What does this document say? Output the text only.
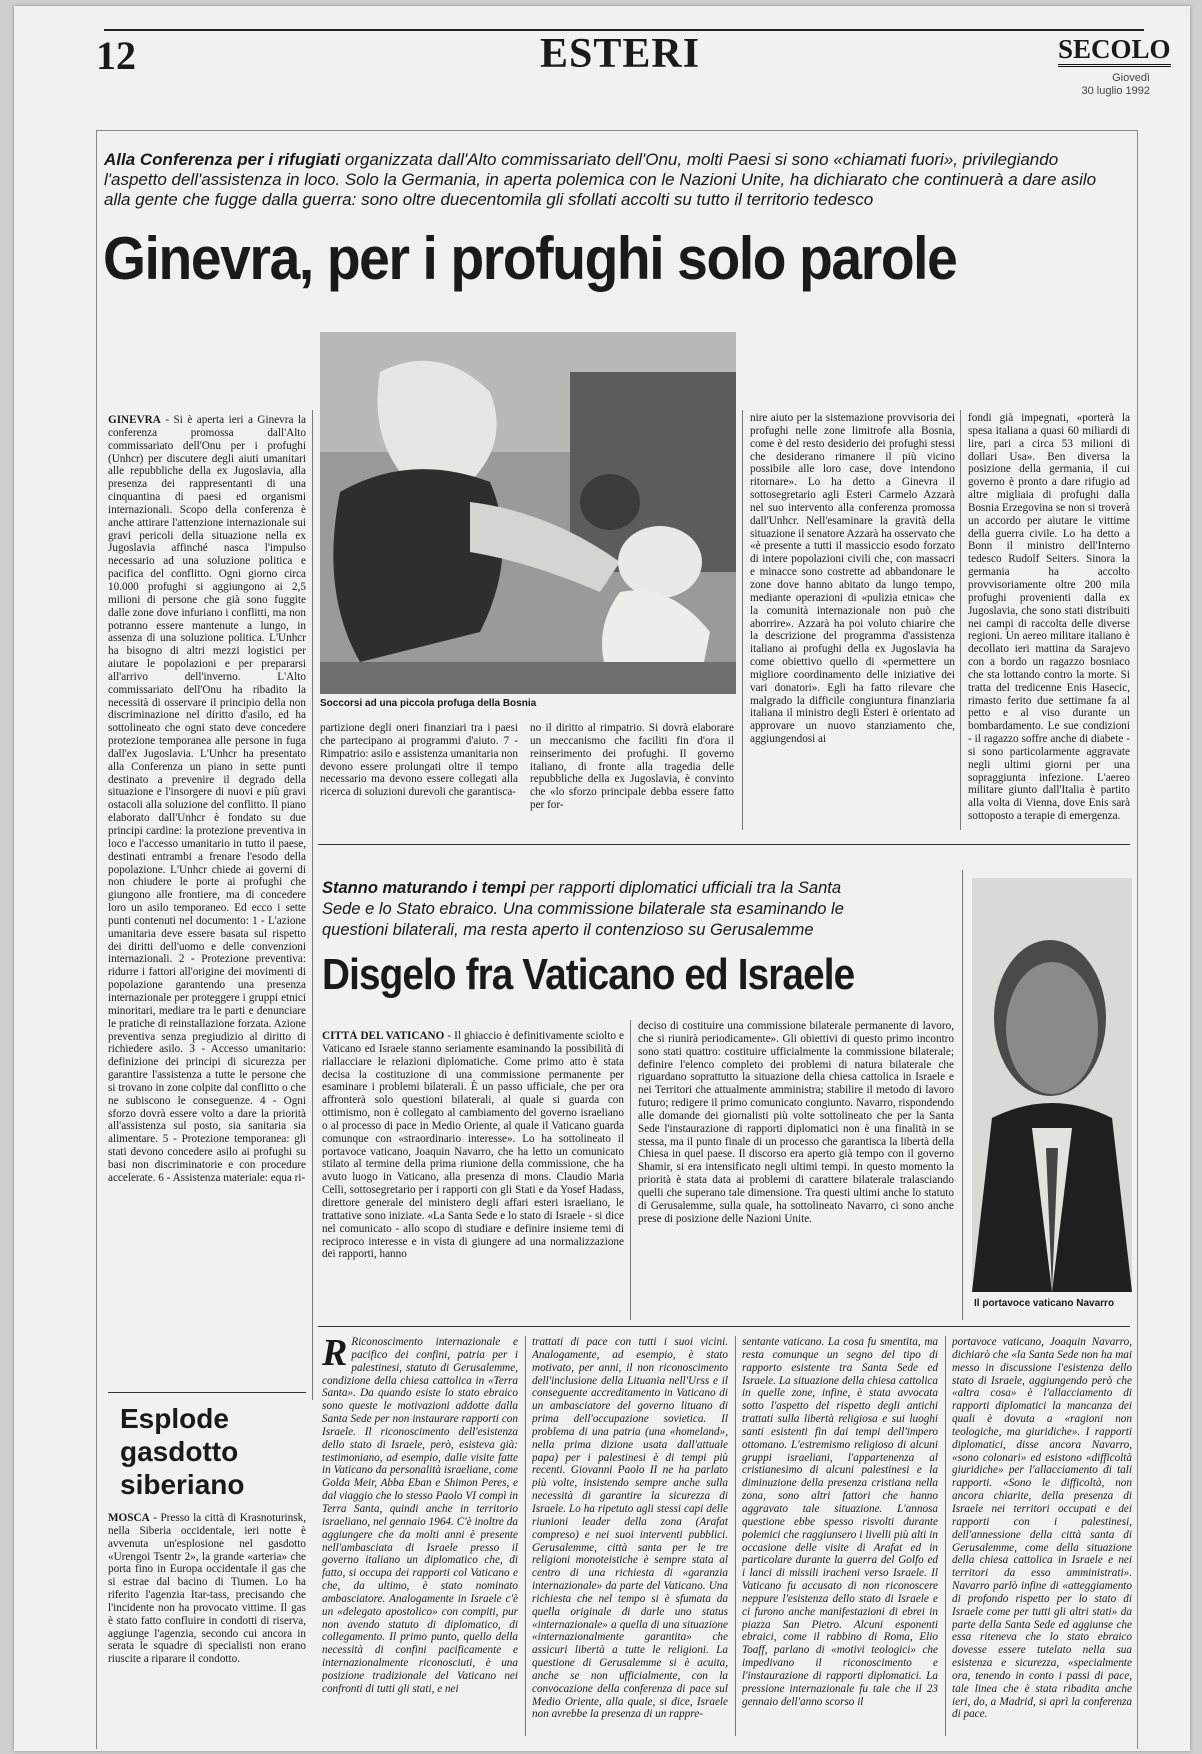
12	ESTERI	SECOLO
Giovedì
30 luglio 1992

Alla Conferenza per i rifugiati organizzata dall'Alto commissariato dell'Onu, molti Paesi si sono «chiamati fuori», privilegiando l'aspetto dell'assistenza in loco. Solo la Germania, in aperta polemica con le Nazioni Unite, ha dichiarato che continuerà a dare asilo alla gente che fugge dalla guerra: sono oltre duecentomila gli sfollati accolti su tutto il territorio tedesco

Ginevra, per i profughi solo parole

Soccorsi ad una piccola profuga della Bosnia

GINEVRA - Si è aperta ieri a Ginevra la conferenza promossa dall'Alto commissariato dell'Onu per i profughi (Unhcr) per discutere degli aiuti umanitari alle repubbliche della ex Jugoslavia, alla presenza dei rappresentanti di una cinquantina di paesi ed organismi internazionali. Scopo della conferenza è anche attirare l'attenzione internazionale sui gravi pericoli della situazione nella ex Jugoslavia affinché nasca l'impulso necessario ad una soluzione politica e pacifica del conflitto. Ogni giorno circa 10.000 profughi si aggiungono ai 2,5 milioni di persone che già sono fuggite dalle zone dove infuriano i conflitti, ma non potranno essere mantenute a lungo, in assenza di una soluzione politica. L'Unhcr ha bisogno di altri mezzi logistici per aiutare le popolazioni e per prepararsi all'arrivo dell'inverno. L'Alto commissariato dell'Onu ha ribadito la necessità di osservare il principio della non discriminazione nel diritto d'asilo, ed ha sottolineato che ogni stato deve concedere protezione temporanea alle persone in fuga dall'ex Jugoslavia. L'Unhcr ha presentato alla Conferenza un piano in sette punti destinato a prevenire il degrado della situazione e l'insorgere di nuovi e più gravi ostacoli alla soluzione del conflitto. Il piano elaborato dall'Unhcr è fondato su due principi cardine: la protezione preventiva in loco e l'accesso umanitario in tutto il paese, destinati entrambi a frenare l'esodo della popolazione. L'Unhcr chiede ai governi di non chiudere le porte ai profughi che giungono alle frontiere, ma di concedere loro un asilo temporaneo. Ed ecco i sette punti contenuti nel documento: 1 - L'azione umanitaria deve essere basata sul rispetto dei diritti dell'uomo e delle convenzioni internazionali. 2 - Protezione preventiva: ridurre i fattori all'origine dei movimenti di popolazione garantendo una presenza internazionale per proteggere i gruppi etnici minoritari, mediare tra le parti e denunciare le pratiche di reinstallazione forzata. Azione preventiva senza pregiudizio al diritto di richiedere asilo. 3 - Accesso umanitario: definizione dei principi di sicurezza per garantire l'assistenza a tutte le persone che si trovano in zone colpite dal conflitto o che ne subiscono le conseguenze. 4 - Ogni sforzo dovrà essere volto a dare la priorità all'assistenza sul posto, sia sanitaria sia alimentare. 5 - Protezione temporanea: gli stati devono concedere asilo ai profughi su basi non discriminatorie e con procedure accelerate. 6 - Assistenza materiale: equa ri-
partizione degli oneri finanziari tra i paesi che partecipano ai programmi d'aiuto. 7 - Rimpatrio: asilo e assistenza umanitaria non devono essere prolungati oltre il tempo necessario ma devono essere collegati alla ricerca di soluzioni durevoli che garantisca-
no il diritto al rimpatrio. Si dovrà elaborare un meccanismo che faciliti fin d'ora il reinserimento dei profughi. Il governo italiano, di fronte alla tragedia delle repubbliche della ex Jugoslavia, è convinto che «lo sforzo principale debba essere fatto per for-
nire aiuto per la sistemazione provvisoria dei profughi nelle zone limitrofe alla Bosnia, come è del resto desiderio dei profughi stessi che desiderano rimanere il più vicino possibile alle loro case, dove intendono ritornare». Lo ha detto a Ginevra il sottosegretario agli Esteri Carmelo Azzarà nel suo intervento alla conferenza promossa dall'Unhcr. Nell'esaminare la gravità della situazione il senatore Azzarà ha osservato che «è presente a tutti il massiccio esodo forzato di intere popolazioni civili che, con massacri e minacce sono costrette ad abbandonare le zone dove hanno abitato da lungo tempo, mediante operazioni di «pulizia etnica» che la comunità internazionale non può che aborrire». Azzarà ha poi voluto chiarire che la descrizione del programma d'assistenza italiano ai profughi della ex Jugoslavia ha come obiettivo quello di «permettere un migliore coordinamento delle iniziative dei vari donatori». Egli ha fatto rilevare che malgrado la difficile congiuntura finanziaria italiana il ministro degli Esteri è orientato ad approvare un nuovo stanziamento che, aggiungendosi ai
fondi già impegnati, «porterà la spesa italiana a quasi 60 miliardi di lire, pari a circa 53 milioni di dollari Usa». Ben diversa la posizione della germania, il cui governo è pronto a dare rifugio ad altre migliaia di profughi dalla Bosnia Erzegovina se non si troverà un accordo per aiutare le vittime della guerra civile. Lo ha detto a Bonn il ministro dell'Interno tedesco Rudolf Seiters. Sinora la germania ha accolto provvisoriamente oltre 200 mila profughi provenienti dalla ex Jugoslavia, che sono stati distribuiti nei campi di raccolta delle diverse regioni. Un aereo militare italiano è decollato ieri mattina da Sarajevo con a bordo un ragazzo bosniaco che sta lottando contro la morte. Si tratta del tredicenne Enis Hasecic, rimasto ferito due settimane fa al petto e al viso durante un bombardamento. Le sue condizioni - il ragazzo soffre anche di diabete - si sono particolarmente aggravate negli ultimi giorni per una sopraggiunta infezione. L'aereo militare giunto dall'Italia è partito alla volta di Vienna, dove Enis sarà sottoposto a terapie di emergenza.

Stanno maturando i tempi per rapporti diplomatici ufficiali tra la Santa Sede e lo Stato ebraico. Una commissione bilaterale sta esaminando le questioni bilaterali, ma resta aperto il contenzioso su Gerusalemme

Disgelo fra Vaticano ed Israele

Il portavoce vaticano Navarro

CITTÀ DEL VATICANO - Il ghiaccio è definitivamente sciolto e Vaticano ed Israele stanno seriamente esaminando la possibilità di riallacciare le relazioni diplomatiche. Come primo atto è stata decisa la costituzione di una commissione permanente per esaminare i problemi bilaterali. È un passo ufficiale, che per ora affronterà solo questioni bilaterali, al quale si guarda con ottimismo, non è collegato al cambiamento del governo israeliano o al processo di pace in Medio Oriente, al quale il Vaticano guarda comunque con «straordinario interesse». Lo ha sottolineato il portavoce vaticano, Joaquin Navarro, che ha letto un comunicato stilato al termine della prima riunione della commissione, che ha avuto luogo in Vaticano, alla presenza di mons. Claudio Maria Celli, sottosegretario per i rapporti con gli Stati e da Yosef Hadass, direttore generale del ministero degli affari esteri israeliano, le trattative sono iniziate. «La Santa Sede e lo stato di Israele - si dice nel comunicato - allo scopo di studiare e definire insieme temi di reciproco interesse e in vista di giungere ad una normalizzazione dei rapporti, hanno
deciso di costituire una commissione bilaterale permanente di lavoro, che si riunirà periodicamente». Gli obiettivi di questo primo incontro sono stati quattro: costituire ufficialmente la commissione bilaterale; definire l'elenco completo dei problemi di natura bilaterale che riguardano soprattutto la situazione della chiesa cattolica in Israele e nei Territori che attualmente amministra; stabilire il metodo di lavoro futuro; redigere il primo comunicato congiunto. Navarro, rispondendo alle domande dei giornalisti più volte sottolineato che per la Santa Sede l'instaurazione di rapporti diplomatici non è una finalità in se stessa, ma il punto finale di un processo che garantisca la libertà della Chiesa in quel paese. Il discorso era aperto già tempo con il governo Shamir, si era intensificato negli ultimi tempi. In questo momento la priorità è stata data ai problemi di carattere bilaterale tralasciando quelli che superano tale dimensione. Tra questi ultimi anche lo statuto di Gerusalemme, sulla quale, ha sottolineato Navarro, ci sono anche prese di posizione delle Nazioni Unite.
R Riconoscimento internazionale e pacifico dei confini, patria per i palestinesi, statuto di Gerusalemme, condizione della chiesa cattolica in «Terra Santa». Da quando esiste lo stato ebraico sono queste le motivazioni addotte dalla Santa Sede per non instaurare rapporti con Israele. Il riconoscimento dell'esistenza dello stato di Israele, però, esisteva già: testimoniano, ad esempio, dalle visite fatte in Vaticano da personalità israeliane, come Golda Meir, Abba Eban e Shimon Peres, e dal viaggio che lo stesso Paolo VI compì in Terra Santa, quindi anche in territorio israeliano, nel gennaio 1964. C'è inoltre da aggiungere che da molti anni è presente nell'ambasciata di Israele presso il governo italiano un diplomatico che, di fatto, si occupa dei rapporti col Vaticano e che, da ultimo, è stato nominato ambasciatore. Analogamente in Israele c'è un «delegato apostolico» con compiti, pur non avendo statuto di diplomatico, di collegamento. Il primo punto, quello della necessità di confini pacificamente e internazionalmente riconosciuti, è una posizione tradizionale del Vaticano nei confronti di tutti gli stati, e nei
trattati di pace con tutti i suoi vicini. Analogamente, ad esempio, è stato motivato, per anni, il non riconoscimento dell'inclusione della Lituania nell'Urss e il conseguente accreditamento in Vaticano di un ambasciatore del governo lituano di prima dell'occupazione sovietica. Il problema di una patria (una «homeland», nella prima dizione usata dall'attuale papa) per i palestinesi è di tempi più recenti. Giovanni Paolo II ne ha parlato più volte, insistendo sempre anche sulla necessità di garantire la sicurezza di Israele. Lo ha ripetuto agli stessi capi delle riunioni leader della zona (Arafat compreso) e nei suoi interventi pubblici. Gerusalemme, città santa per le tre religioni monoteistiche è sempre stata al centro di una richiesta di «garanzia internazionale» da parte del Vaticano. Una richiesta che nel tempo si è sfumata da quella originale di darle uno status «internazionale» a quella di una situazione «internazionalmente garantita» che assicuri libertà a tutte le religioni. La questione di Gerusalemme si è acuita, anche se non ufficialmente, con la convocazione della conferenza di pace sul Medio Oriente, alla quale, si dice, Israele non avrebbe la presenza di un rappre-
sentante vaticano. La cosa fu smentita, ma resta comunque un segno del tipo di rapporto esistente tra Santa Sede ed Israele. La situazione della chiesa cattolica in quelle zone, infine, è stata avvocata sotto l'aspetto del rispetto degli antichi trattati sulla libertà religiosa e sui luoghi santi esistenti fin dai tempi dell'impero ottomano. L'estremismo religioso di alcuni gruppi israeliani, l'appartenenza al cristianesimo di alcuni palestinesi e la diminuzione della presenza cristiana nella zona, sono altri fattori che hanno aggravato tale situazione. L'annosa questione ebbe spesso risvolti durante polemici che raggiunsero i livelli più alti in occasione delle visite di Arafat ed in particolare durante la guerra del Golfo ed i lanci di missili iracheni verso Israele. Il Vaticano fu accusato di non riconoscere neppure l'esistenza dello stato di Israele e ci furono anche manifestazioni di ebrei in piazza San Pietro. Alcuni esponenti ebraici, come il rabbino di Roma, Elio Toaff, parlano di «motivi teologici» che impedivano il riconoscimento e l'instaurazione di rapporti diplomatici. La pressione internazionale fu tale che il 23 gennaio dell'anno scorso il
portavoce vaticano, Joaquin Navarro, dichiarò che «la Santa Sede non ha mai messo in discussione l'esistenza dello stato di Israele, aggiungendo però che «altra cosa» è l'allacciamento di rapporti diplomatici la mancanza dei quali è dovuta a «ragioni non teologiche, ma giuridiche». I rapporti diplomatici, disse ancora Navarro, «sono colonari» ed esistono «difficoltà giuridiche» per l'allacciamento di tali rapporti. «Sono le difficoltà, non ancora chiarite, della presenza di Israele nei territori occupati e dei rapporti con i palestinesi, dell'annessione della città santa di Gerusalemme, come della situazione della chiesa cattolica in Israele e nei territori da esso amministrati». Navarro parlò infine di «atteggiamento di profondo rispetto per lo stato di Israele come per tutti gli altri stati» da parte della Santa Sede ed aggiunse che essa riteneva che lo stato ebraico dovesse essere tutelato nella sua esistenza e sicurezza, «specialmente ora, tenendo in conto i passi di pace, tale linea che è stata ribadita anche ieri, do, a Madrid, si aprì la conferenza di pace.
Esplode gasdotto siberiano
MOSCA - Presso la città di Krasnoturinsk, nella Siberia occidentale, ieri notte è avvenuta un'esplosione nel gasdotto «Urengoi Tsentr 2», la grande «arteria» che porta fino in Europa occidentale il gas che si estrae dal bacino di Tiumen. Lo ha riferito l'agenzia Itar-tass, precisando che l'incidente non ha provocato vittime. Il gas è stato fatto confluire in condotti di riserva, aggiunge l'agenzia, secondo cui ancora in serata le squadre di specialisti non erano riuscite a riparare il condotto.
